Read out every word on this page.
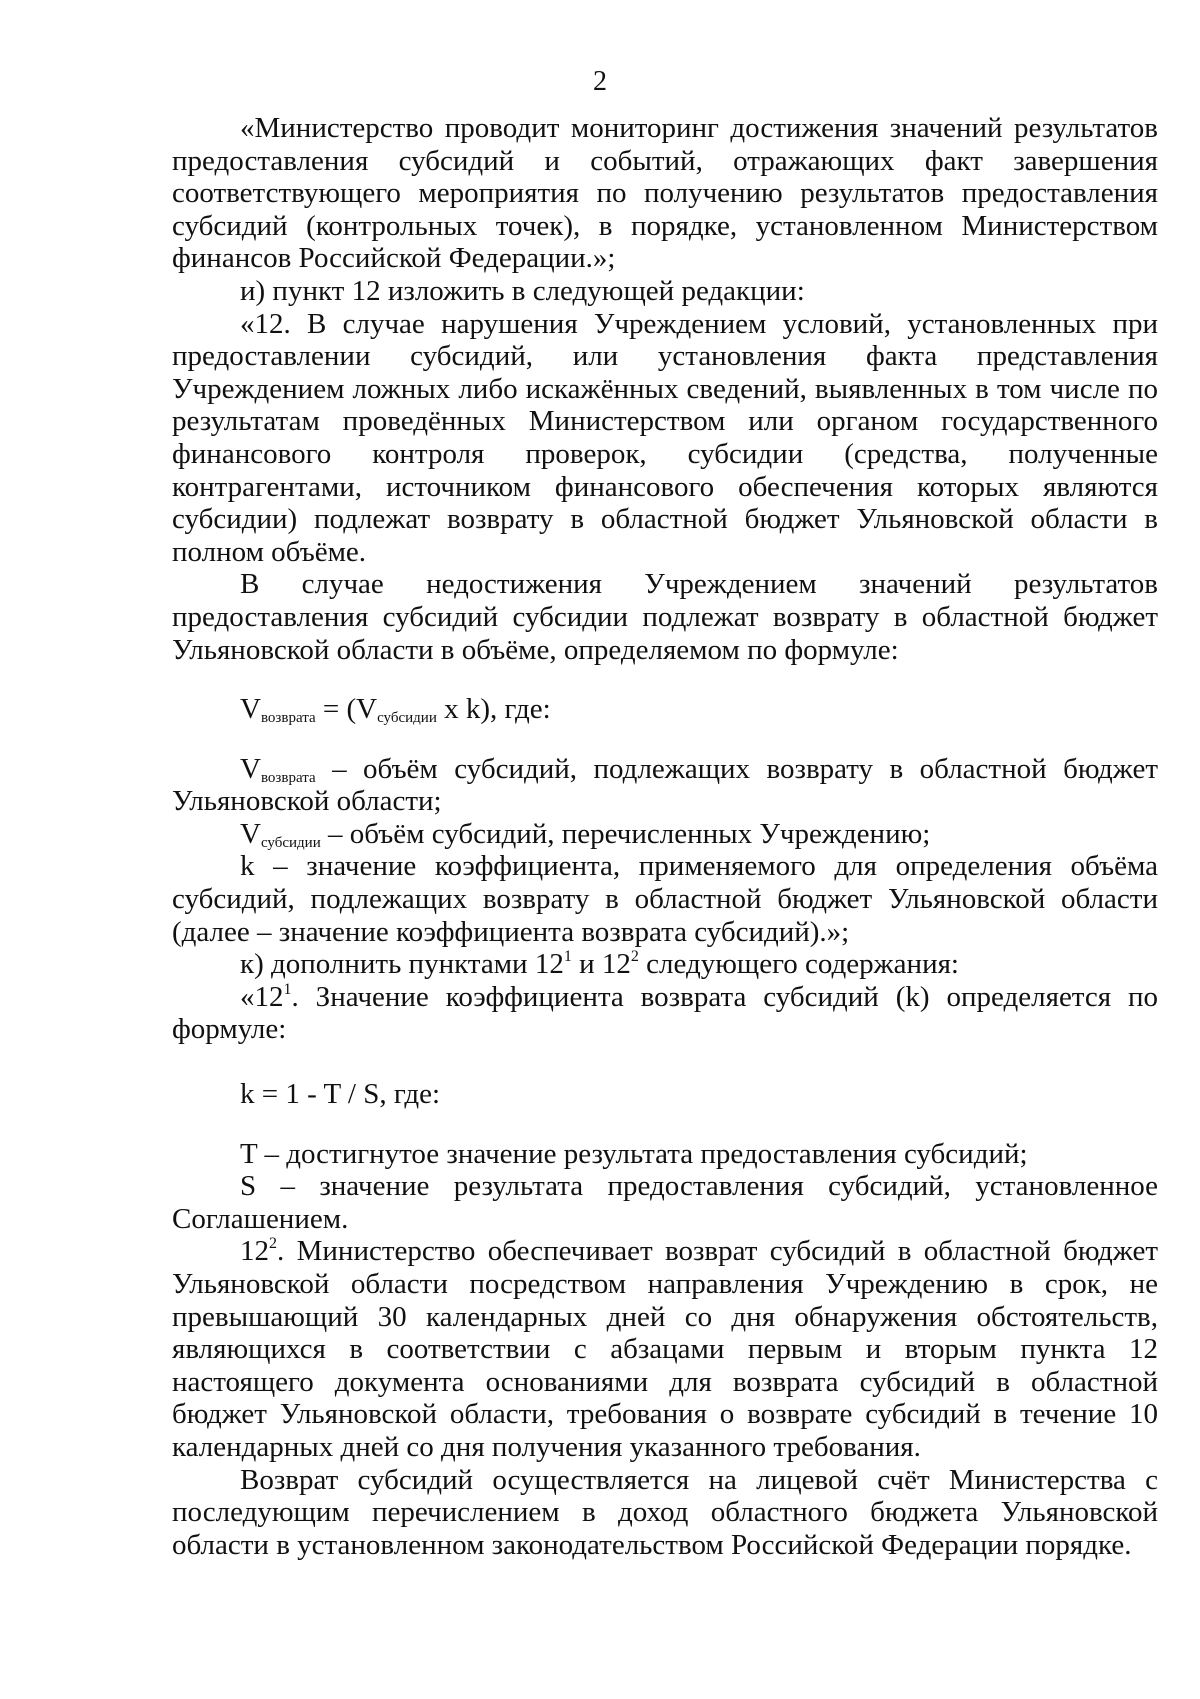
2

«Министерство проводит мониторинг достижения значений результатов предоставления субсидий и событий, отражающих факт завершения соответствующего мероприятия по получению результатов предоставления субсидий (контрольных точек), в порядке, установленном Министерством финансов Российской Федерации.»;

и) пункт 12 изложить в следующей редакции:

«12. В случае нарушения Учреждением условий, установленных при предоставлении субсидий, или установления факта представления Учреждением ложных либо искажённых сведений, выявленных в том числе по результатам проведённых Министерством или органом государственного финансового контроля проверок, субсидии (средства, полученные контрагентами, источником финансового обеспечения которых являются субсидии) подлежат возврату в областной бюджет Ульяновской области в полном объёме.

В случае недостижения Учреждением значений результатов предоставления субсидий субсидии подлежат возврату в областной бюджет Ульяновской области в объёме, определяемом по формуле:

$V_{возврата} = (V_{субсидии}$ x k), где:

$V_{возврата}$ – объём субсидий, подлежащих возврату в областной бюджет Ульяновской области;

$V_{субсидии}$ – объём субсидий, перечисленных Учреждению;

k – значение коэффициента, применяемого для определения объёма субсидий, подлежащих возврату в областной бюджет Ульяновской области (далее – значение коэффициента возврата субсидий).»;

к) дополнить пунктами $12^1$ и $12^2$ следующего содержания:

«$12^1$. Значение коэффициента возврата субсидий (k) определяется по формуле:

k = 1 - T / S, где:

T – достигнутое значение результата предоставления субсидий;

S – значение результата предоставления субсидий, установленное Соглашением.

$12^2$. Министерство обеспечивает возврат субсидий в областной бюджет Ульяновской области посредством направления Учреждению в срок, не превышающий 30 календарных дней со дня обнаружения обстоятельств, являющихся в соответствии с абзацами первым и вторым пункта 12 настоящего документа основаниями для возврата субсидий в областной бюджет Ульяновской области, требования о возврате субсидий в течение 10 календарных дней со дня получения указанного требования.

Возврат субсидий осуществляется на лицевой счёт Министерства с последующим перечислением в доход областного бюджета Ульяновской области в установленном законодательством Российской Федерации порядке.
